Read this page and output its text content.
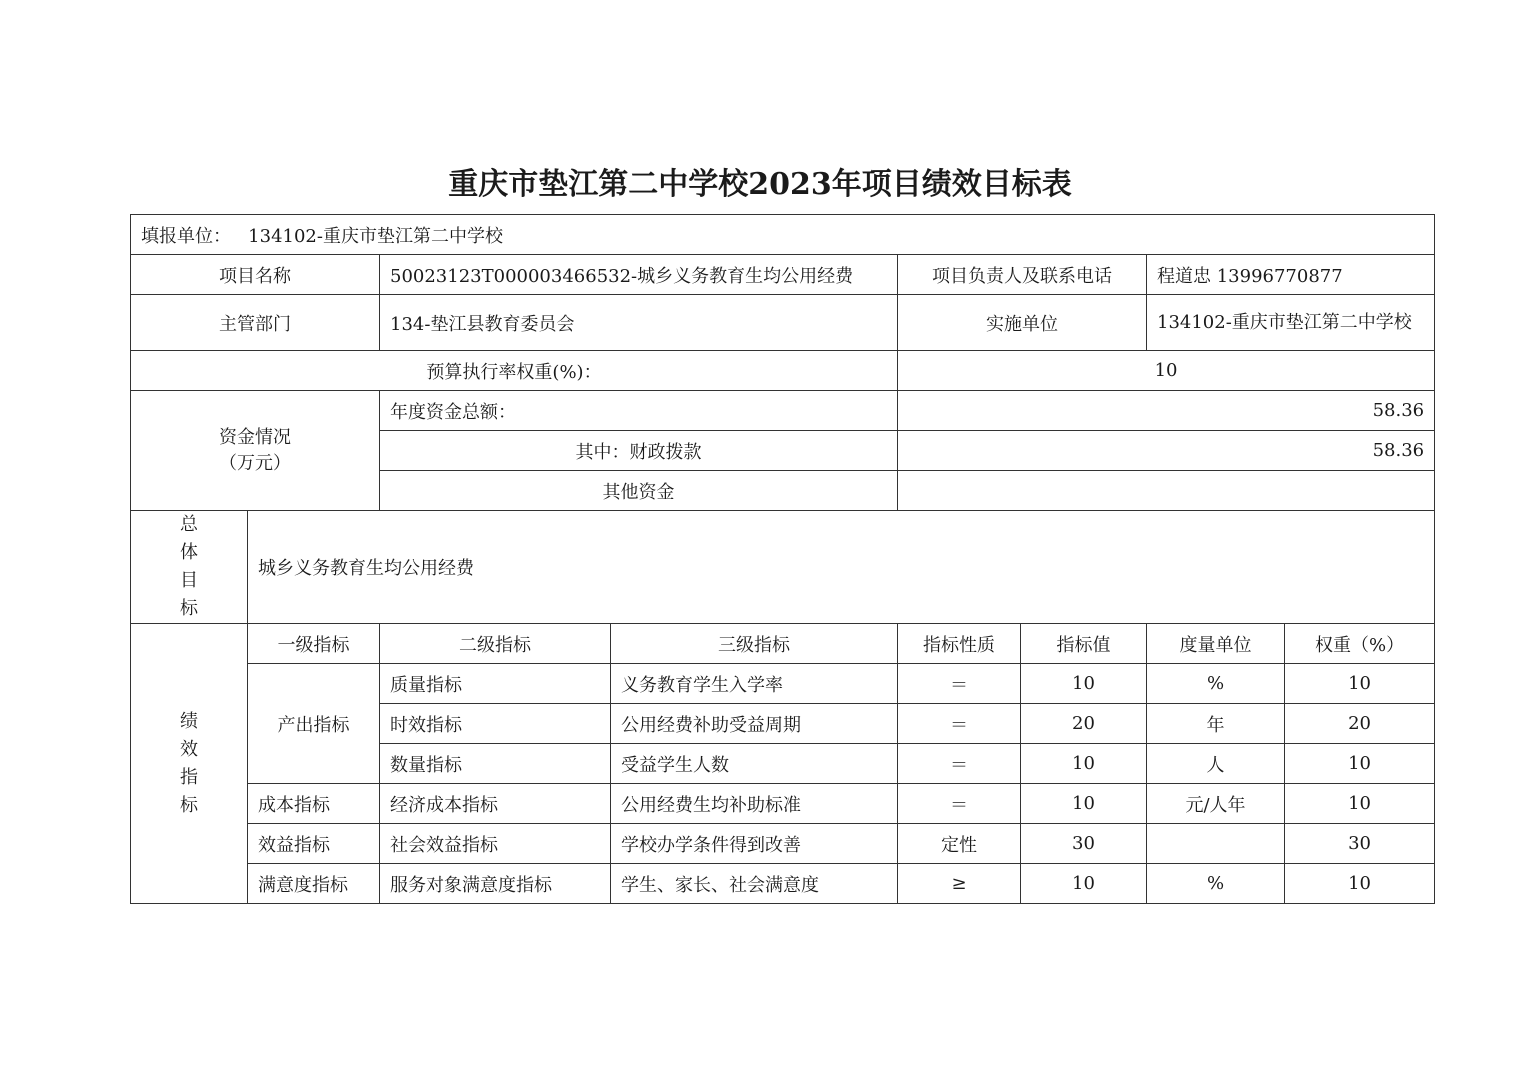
重庆市垫江第二中学校2023年项目绩效目标表
填报单位： 134102-重庆市垫江第二中学校							
项目名称		50023123T000003466532-城乡义务教育生均公用经费		项目负责人及联系电话		程道忠 13996770877	
主管部门		134-垫江县教育委员会		实施单位		134102-重庆市垫江第二中学校	
预算执行率权重(%)：				10			
资金情况
（万元）		年度资金总额：		58.36			
		其中：财政拨款		58.36			
		其他资金					

总
体
目
标	城乡义务教育生均公用经费						

绩
效
指
标	一级指标	二级指标	三级指标	指标性质	指标值	度量单位	权重（%）
	产出指标	质量指标	义务教育学生入学率	＝	10	%	10
		时效指标	公用经费补助受益周期	＝	20	年	20
		数量指标	受益学生人数	＝	10	人	10
	成本指标	经济成本指标	公用经费生均补助标准	＝	10	元/人年	10
	效益指标	社会效益指标	学校办学条件得到改善	定性	30		30
	满意度指标	服务对象满意度指标	学生、家长、社会满意度	≥	10	%	10
